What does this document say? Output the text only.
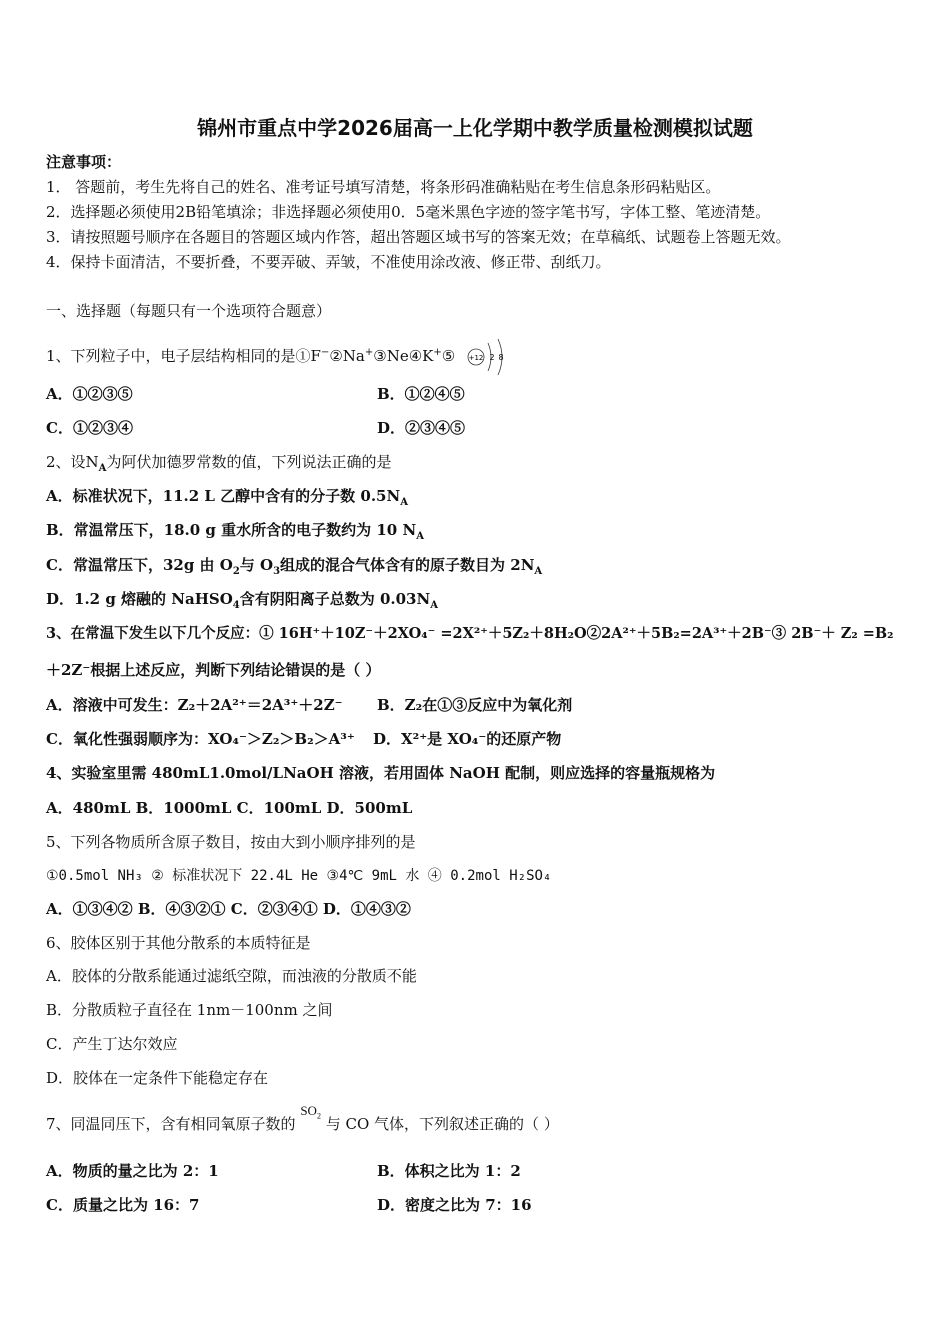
锦州市重点中学2026届高一上化学期中教学质量检测模拟试题
注意事项：
1． 答题前，考生先将自己的姓名、准考证号填写清楚，将条形码准确粘贴在考生信息条形码粘贴区。
2．选择题必须使用2B铅笔填涂；非选择题必须使用0．5毫米黑色字迹的签字笔书写，字体工整、笔迹清楚。
3．请按照题号顺序在各题目的答题区域内作答，超出答题区域书写的答案无效；在草稿纸、试题卷上答题无效。
4．保持卡面清洁，不要折叠，不要弄破、弄皱，不准使用涂改液、修正带、刮纸刀。
一、选择题（每题只有一个选项符合题意）
1、下列粒子中，电子层结构相同的是①F−②Na+③Ne④K+⑤ +12 2 8
A．①②③⑤	B．①②④⑤
C．①②③④	D．②③④⑤
2、设$N_A$为阿伏加德罗常数的值，下列说法正确的是
A．标准状况下，11.2 L 乙醇中含有的分子数 $0.5N_A$
B．常温常压下，18.0 g 重水所含的电子数约为 10 $N_A$
C．常温常压下，32g 由 $O_2$与 $O_3$组成的混合气体含有的原子数目为 $2N_A$
D．1.2 g 熔融的 NaHSO$_4$含有阴阳离子总数为 $0.03N_A$
3、在常温下发生以下几个反应：① 16H⁺＋10Z⁻＋2XO₄⁻ =2X²⁺＋5Z₂＋8H₂O②2A²⁺＋5B₂=2A³⁺＋2B⁻③ 2B⁻＋ Z₂ =B₂
＋2Z⁻根据上述反应，判断下列结论错误的是（ ）
A．溶液中可发生：Z₂＋2A²⁺＝2A³⁺＋2Z⁻ B．Z₂在①③反应中为氧化剂
C．氧化性强弱顺序为：XO₄⁻＞Z₂＞B₂＞A³⁺ D．X²⁺是 XO₄⁻的还原产物
4、实验室里需 480mL1.0mol/LNaOH 溶液，若用固体 NaOH 配制，则应选择的容量瓶规格为
A．480mL B．1000mL C．100mL D．500mL
5、下列各物质所含原子数目，按由大到小顺序排列的是
①0.5mol NH₃ ② 标准状况下 22.4L He ③4℃ 9mL 水 ④ 0.2mol H₂SO₄
A．①③④② B．④③②① C．②③④① D．①④③②
6、胶体区别于其他分散系的本质特征是
A．胶体的分散系能通过滤纸空隙，而浊液的分散质不能
B．分散质粒子直径在 1nm－100nm 之间
C．产生丁达尔效应
D．胶体在一定条件下能稳定存在
7、同温同压下，含有相同氧原子数的 $SO_2$ 与 CO 气体，下列叙述正确的（ ）
A．物质的量之比为 2：1	B．体积之比为 1：2
C．质量之比为 16：7	D．密度之比为 7：16
